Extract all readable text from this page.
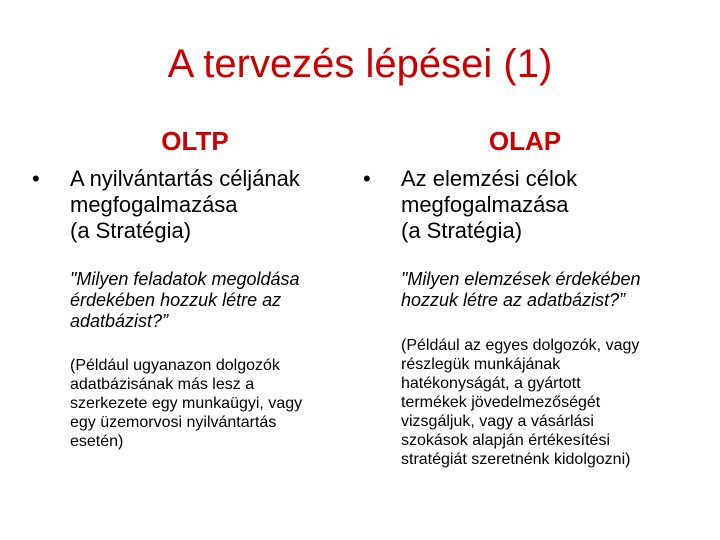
A tervezés lépései (1)
OLTP	OLAP
• A nyilvántartás céljának
megfogalmazása
(a Stratégia)
• Az elemzési célok
megfogalmazása
(a Stratégia)
"Milyen feladatok megoldása
érdekében hozzuk létre az
adatbázist?”
"Milyen elemzések érdekében
hozzuk létre az adatbázist?”
(Például ugyanazon dolgozók
adatbázisának más lesz a
szerkezete egy munkaügyi, vagy
egy üzemorvosi nyilvántartás
esetén)
(Például az egyes dolgozók, vagy
részlegük munkájának
hatékonyságát, a gyártott
termékek jövedelmezőségét
vizsgáljuk, vagy a vásárlási
szokások alapján értékesítési
stratégiát szeretnénk kidolgozni)
